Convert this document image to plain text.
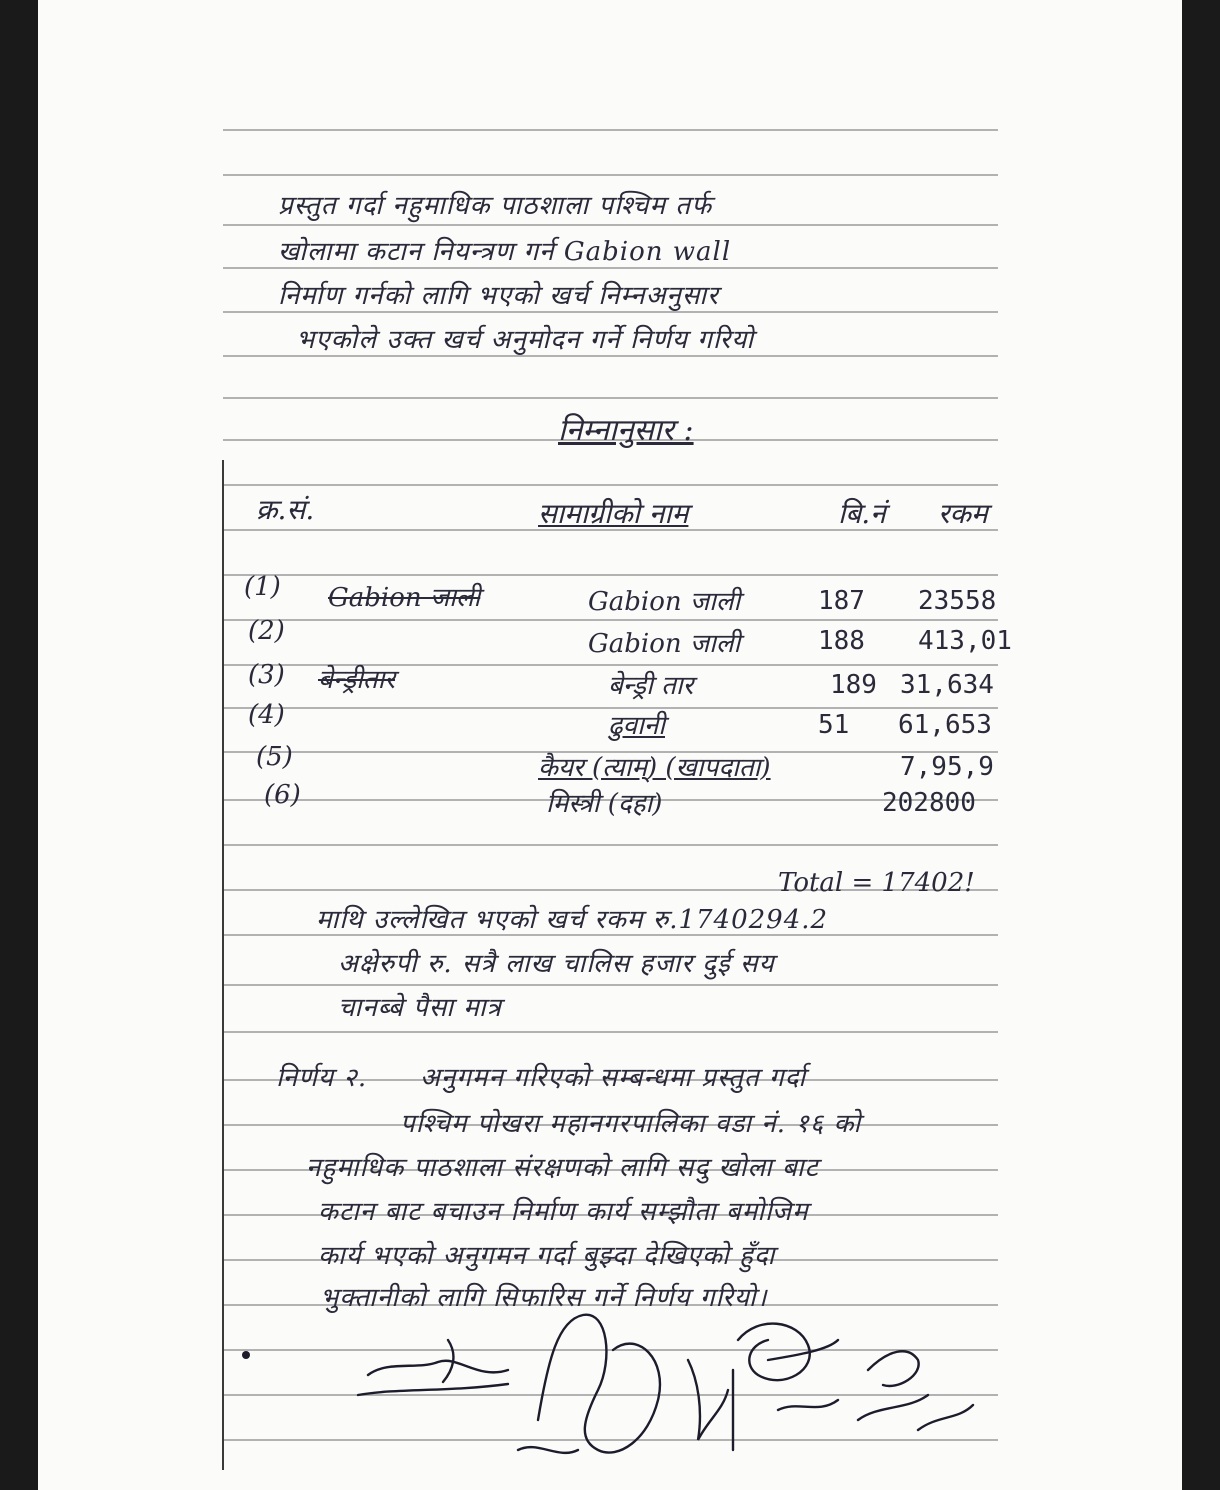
प्रस्तुत गर्दा नहुमाधिक पाठशाला पश्चिम तर्फ
खोलामा कटान नियन्त्रण गर्न Gabion wall
निर्माण गर्नको लागि भएको खर्च निम्नअनुसार
भएकोले उक्त खर्च अनुमोदन गर्ने निर्णय गरियो
निम्नानुसार :
क्र.सं.	सामाग्रीको नाम	बि.नं रकम
(1) Gabion जाली	Gabion जाली	187 23558
(2)	Gabion जाली	188 413,01
(3) बेन्ड्रीतार	बेन्ड्री तार	189 31,634
(4)	ढुवानी	51 61,653
(5)	कैयर (त्याम्) (खापदाता)	7,95,9
(6)	मिस्त्री (दहा)	202800
Total = 17402!
माथि उल्लेखित भएको खर्च रकम रु.1740294.2
अक्षेरुपी रु. सत्रै लाख चालिस हजार दुई सय
चानब्बे पैसा मात्र
निर्णय २. अनुगमन गरिएको सम्बन्धमा प्रस्तुत गर्दा
पश्चिम पोखरा महानगरपालिका वडा नं. १६ को
नहुमाधिक पाठशाला संरक्षणको लागि सदु खोला बाट
कटान बाट बचाउन निर्माण कार्य सम्झौता बमोजिम
कार्य भएको अनुगमन गर्दा बुझ्दा देखिएको हुँदा
भुक्तानीको लागि सिफारिस गर्ने निर्णय गरियो।
